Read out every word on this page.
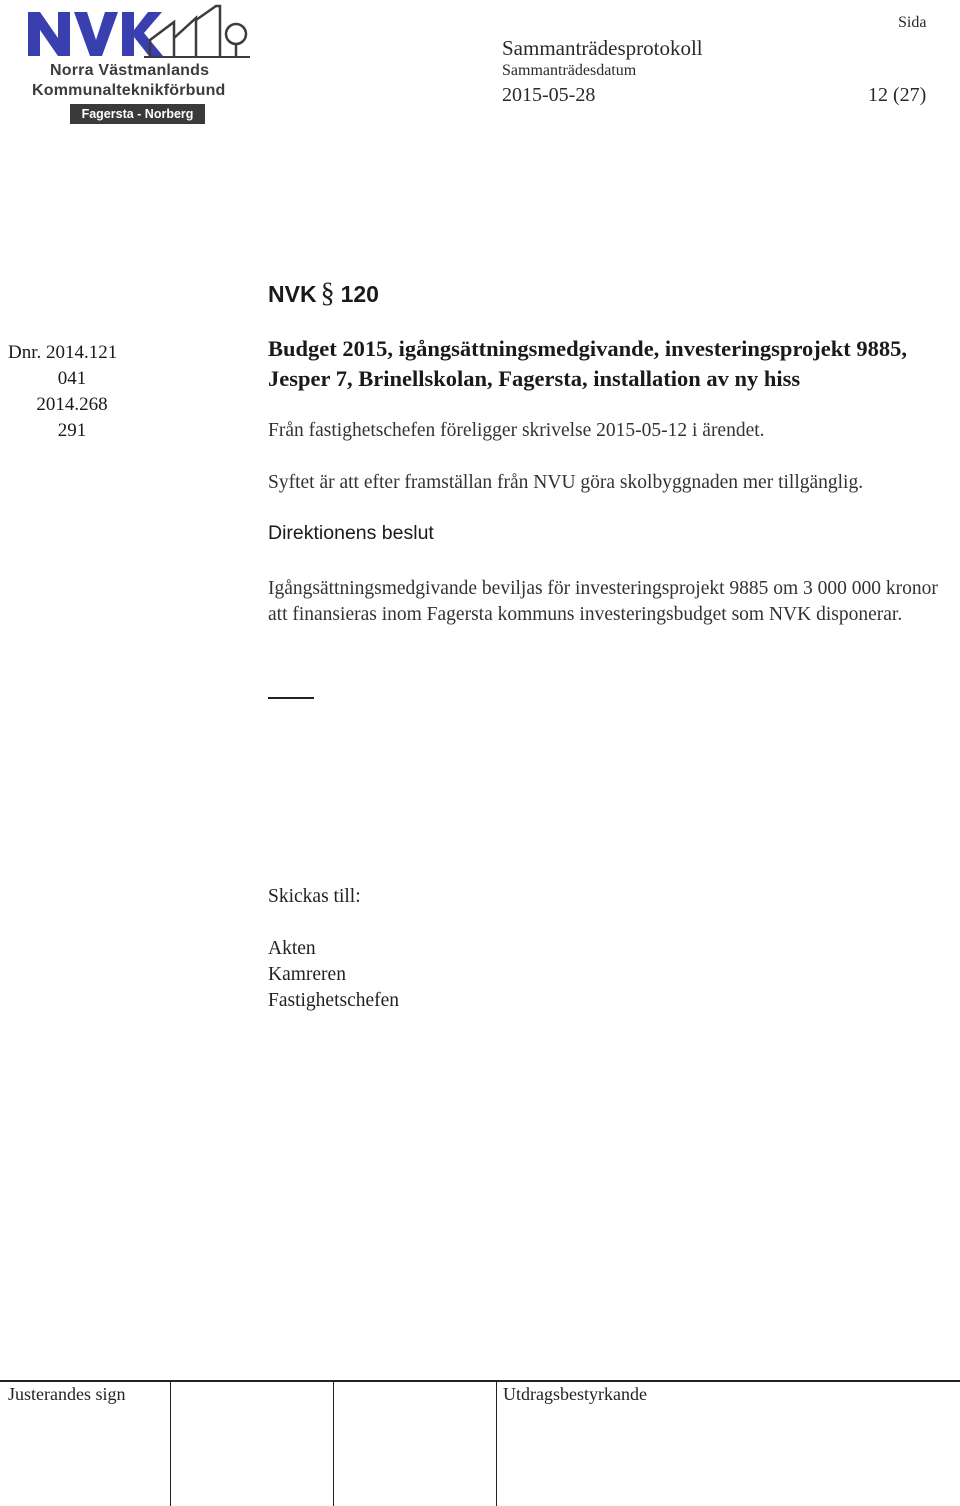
Norra Västmanlands
Kommunalteknikförbund
Fagersta - Norberg
Sammanträdesprotokoll
Sammanträdesdatum
2015-05-28
Sida
12 (27)
NVK § 120
Dnr. 2014.121
041
2014.268
291
Budget 2015, igångsättningsmedgivande, investeringsprojekt 9885, Jesper 7, Brinellskolan, Fagersta, installation av ny hiss
Från fastighetschefen föreligger skrivelse 2015-05-12 i ärendet.
Syftet är att efter framställan från NVU göra skolbyggnaden mer tillgänglig.
Direktionens beslut
Igångsättningsmedgivande beviljas för investeringsprojekt 9885 om 3 000 000 kronor att finansieras inom Fagersta kommuns investeringsbudget som NVK disponerar.
Skickas till:
Akten
Kamreren
Fastighetschefen
Justerandes sign	Utdragsbestyrkande
